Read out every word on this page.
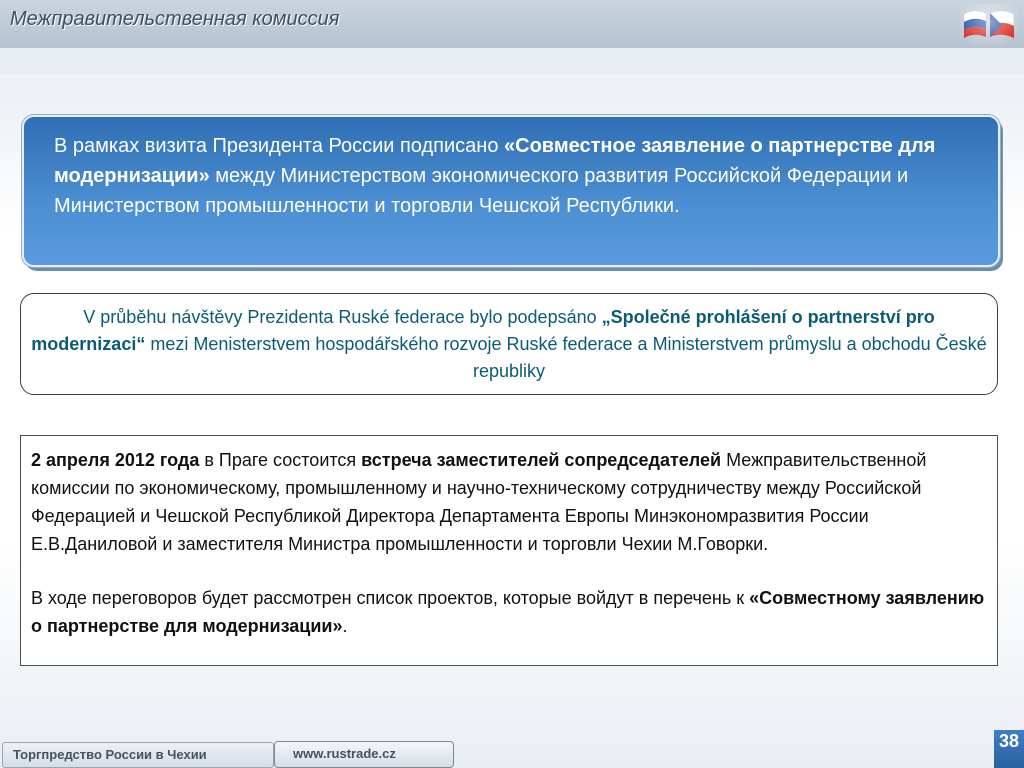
Межправительственная комиссия
В рамках визита Президента России подписано «Совместное заявление о партнерстве для модернизации» между Министерством экономического развития Российской Федерации и Министерством промышленности и торговли Чешской Республики.
V průběhu návštěvy Prezidenta Ruské federace bylo podepsáno „Společné prohlášení o partnerství pro modernizaci“ mezi Menisterstvem hospodářského rozvoje Ruské federace a Ministerstvem průmyslu a obchodu České republiky
2 апреля 2012 года в Праге состоится встреча заместителей сопредседателей Межправительственной комиссии по экономическому, промышленному и научно-техническому сотрудничеству между Российской Федерацией и Чешской Республикой Директора Департамента Европы Минэкономразвития России Е.В.Даниловой и заместителя Министра промышленности и торговли Чехии М.Говорки.
В ходе переговоров будет рассмотрен список проектов, которые войдут в перечень к «Совместному заявлению о партнерстве для модернизации».
Торгпредство России в Чехии	www.rustrade.cz
38
